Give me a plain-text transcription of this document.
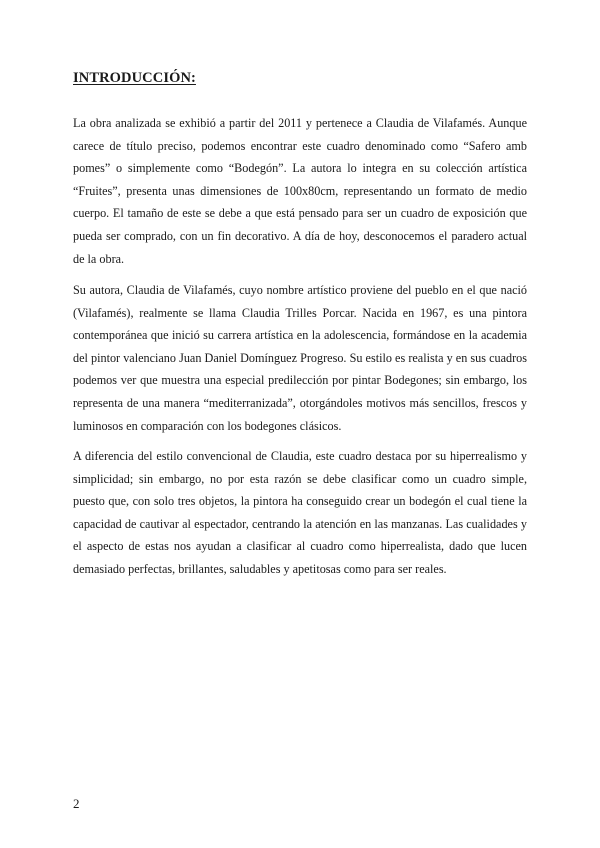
INTRODUCCIÓN:

La obra analizada se exhibió a partir del 2011 y pertenece a Claudia de Vilafamés. Aunque carece de título preciso, podemos encontrar este cuadro denominado como “Safero amb pomes” o simplemente como “Bodegón”. La autora lo integra en su colección artística “Fruites”, presenta unas dimensiones de 100x80cm, representando un formato de medio cuerpo. El tamaño de este se debe a que está pensado para ser un cuadro de exposición que pueda ser comprado, con un fin decorativo. A día de hoy, desconocemos el paradero actual de la obra.

Su autora, Claudia de Vilafamés, cuyo nombre artístico proviene del pueblo en el que nació (Vilafamés), realmente se llama Claudia Trilles Porcar. Nacida en 1967, es una pintora contemporánea que inició su carrera artística en la adolescencia, formándose en la academia del pintor valenciano Juan Daniel Domínguez Progreso. Su estilo es realista y en sus cuadros podemos ver que muestra una especial predilección por pintar Bodegones; sin embargo, los representa de una manera “mediterranizada”, otorgándoles motivos más sencillos, frescos y luminosos en comparación con los bodegones clásicos.

A diferencia del estilo convencional de Claudia, este cuadro destaca por su hiperrealismo y simplicidad; sin embargo, no por esta razón se debe clasificar como un cuadro simple, puesto que, con solo tres objetos, la pintora ha conseguido crear un bodegón el cual tiene la capacidad de cautivar al espectador, centrando la atención en las manzanas. Las cualidades y el aspecto de estas nos ayudan a clasificar al cuadro como hiperrealista, dado que lucen demasiado perfectas, brillantes, saludables y apetitosas como para ser reales.

2
